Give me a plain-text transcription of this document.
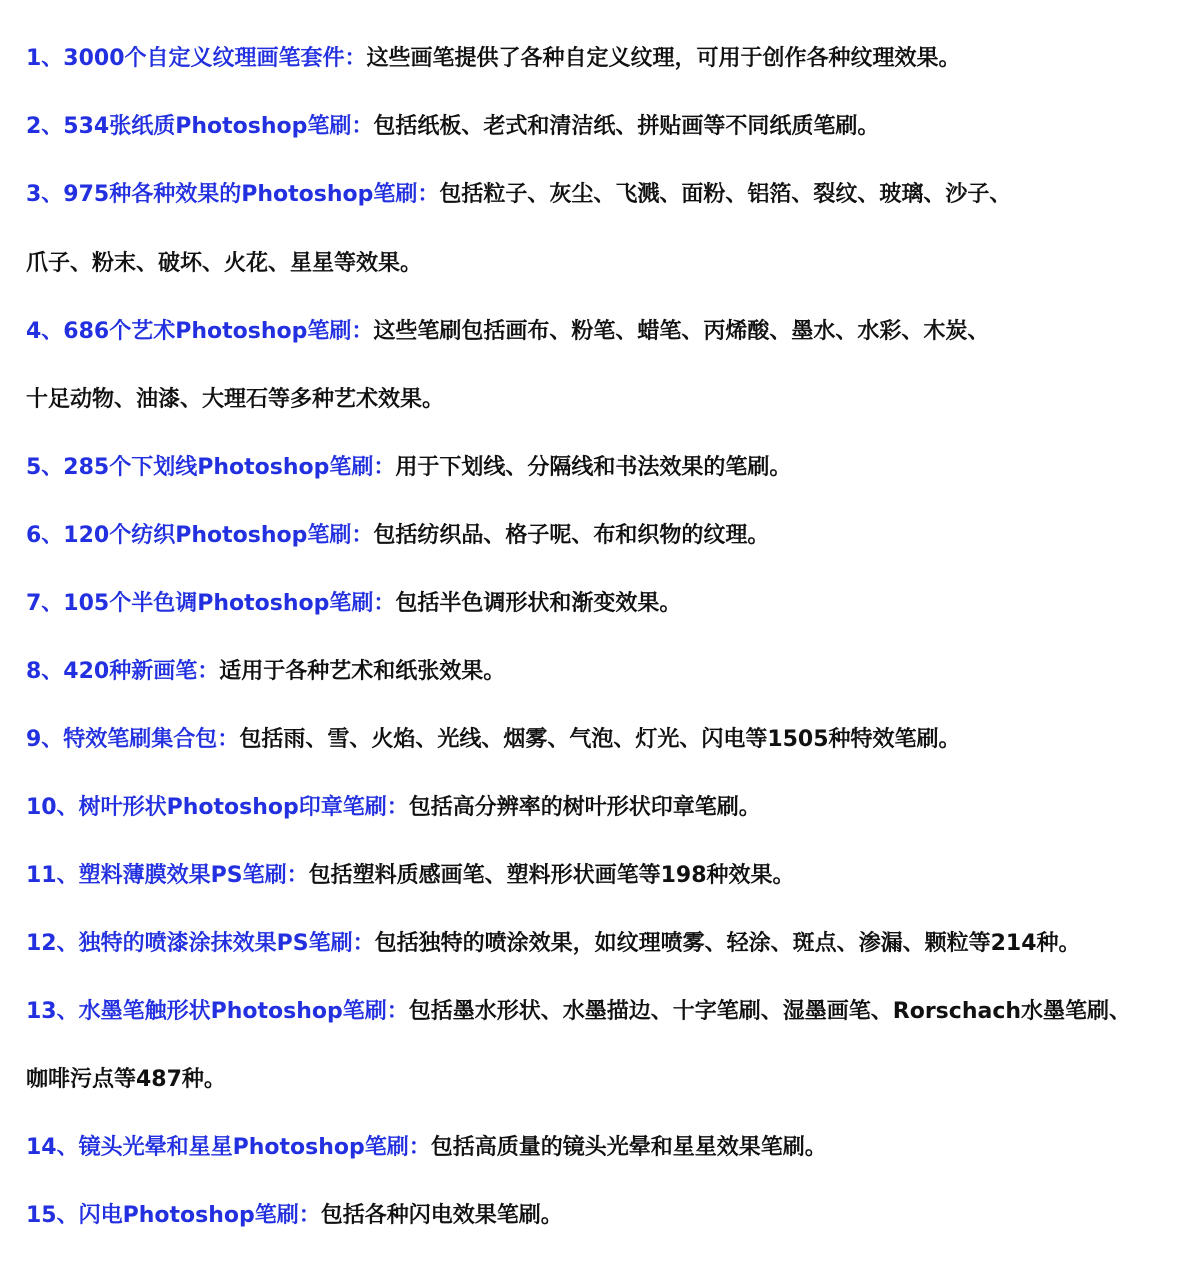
1、3000个自定义纹理画笔套件：这些画笔提供了各种自定义纹理，可用于创作各种纹理效果。
2、534张纸质Photoshop笔刷：包括纸板、老式和清洁纸、拼贴画等不同纸质笔刷。
3、975种各种效果的Photoshop笔刷：包括粒子、灰尘、飞溅、面粉、铝箔、裂纹、玻璃、沙子、
爪子、粉末、破坏、火花、星星等效果。
4、686个艺术Photoshop笔刷：这些笔刷包括画布、粉笔、蜡笔、丙烯酸、墨水、水彩、木炭、
十足动物、油漆、大理石等多种艺术效果。
5、285个下划线Photoshop笔刷：用于下划线、分隔线和书法效果的笔刷。
6、120个纺织Photoshop笔刷：包括纺织品、格子呢、布和织物的纹理。
7、105个半色调Photoshop笔刷：包括半色调形状和渐变效果。
8、420种新画笔：适用于各种艺术和纸张效果。
9、特效笔刷集合包：包括雨、雪、火焰、光线、烟雾、气泡、灯光、闪电等1505种特效笔刷。
10、树叶形状Photoshop印章笔刷：包括高分辨率的树叶形状印章笔刷。
11、塑料薄膜效果PS笔刷：包括塑料质感画笔、塑料形状画笔等198种效果。
12、独特的喷漆涂抹效果PS笔刷：包括独特的喷涂效果，如纹理喷雾、轻涂、斑点、渗漏、颗粒等214种。
13、水墨笔触形状Photoshop笔刷：包括墨水形状、水墨描边、十字笔刷、湿墨画笔、Rorschach水墨笔刷、
咖啡污点等487种。
14、镜头光晕和星星Photoshop笔刷：包括高质量的镜头光晕和星星效果笔刷。
15、闪电Photoshop笔刷：包括各种闪电效果笔刷。
